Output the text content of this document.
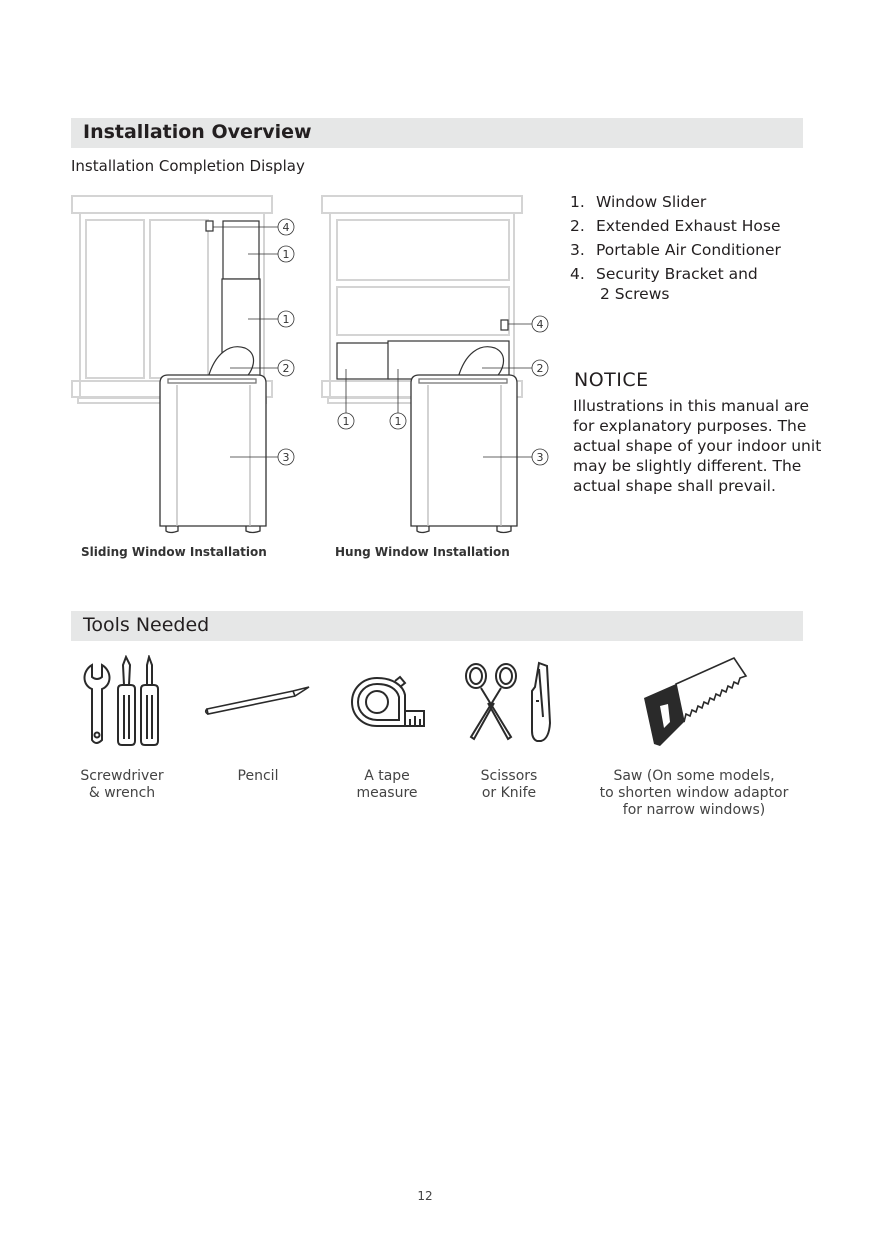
Installation Overview
Installation Completion Display
4
1
1
2
3
Sliding Window Installation
4
2
3
1	1
Hung Window Installation
1. Window Slider
2. Extended Exhaust Hose
3. Portable Air Conditioner
4. Security Bracket and
2 Screws
NOTICE
Illustrations in this manual are for explanatory purposes. The actual shape of your indoor unit may be slightly different. The actual shape shall prevail.
Tools Needed
Screwdriver
& wrench
Pencil	A tape
measure
Scissors
or Knife
Saw (On some models,
to shorten window adaptor
for narrow windows)
12
